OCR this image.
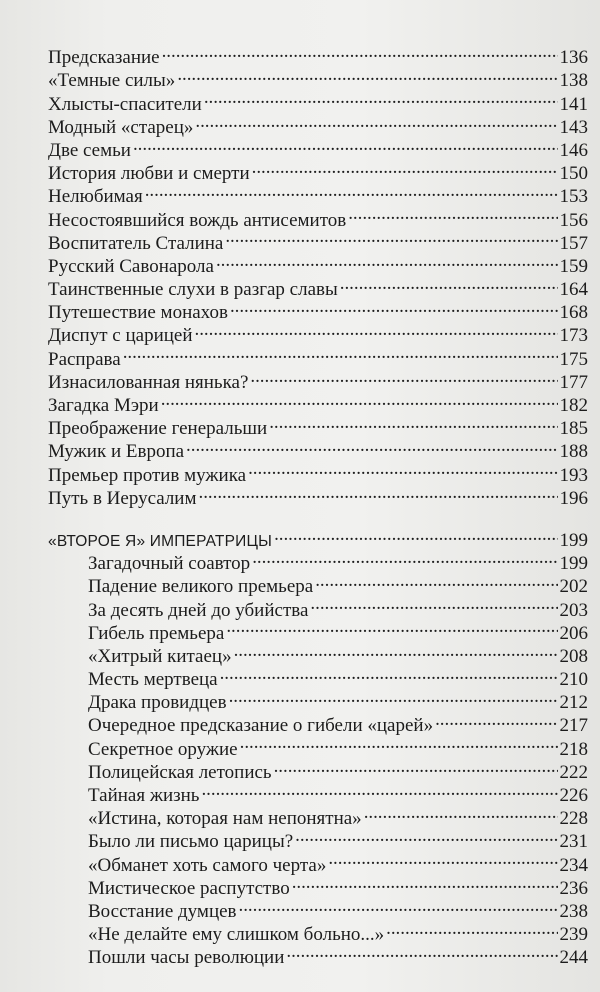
Предсказание . . .	136
«Темные силы» . . .	138
Хлысты-спасители . . .	141
Модный «старец» . . .	143
Две семьи . . .	146
История любви и смерти . . .	150
Нелюбимая . . .	153
Несостоявшийся вождь антисемитов . . .	156
Воспитатель Сталина . . .	157
Русский Савонарола . . .	159
Таинственные слухи в разгар славы . . .	164
Путешествие монахов . . .	168
Диспут с царицей . . .	173
Расправа . . .	175
Изнасилованная нянька? . . .	177
Загадка Мэри . . .	182
Преображение генеральши . . .	185
Мужик и Европа . . .	188
Премьер против мужика . . .	193
Путь в Иерусалим . . .	196
«ВТОРОЕ Я» ИМПЕРАТРИЦЫ . . .	199
Загадочный соавтор . . .	199
Падение великого премьера . . .	202
За десять дней до убийства . . .	203
Гибель премьера . . .	206
«Хитрый китаец» . . .	208
Месть мертвеца . . .	210
Драка провидцев . . .	212
Очередное предсказание о гибели «царей» . . .	217
Секретное оружие . . .	218
Полицейская летопись . . .	222
Тайная жизнь . . .	226
«Истина, которая нам непонятна» . . .	228
Было ли письмо царицы? . . .	231
«Обманет хоть самого черта» . . .	234
Мистическое распутство . . .	236
Восстание думцев . . .	238
«Не делайте ему слишком больно...» . . .	239
Пошли часы революции . . .	244
